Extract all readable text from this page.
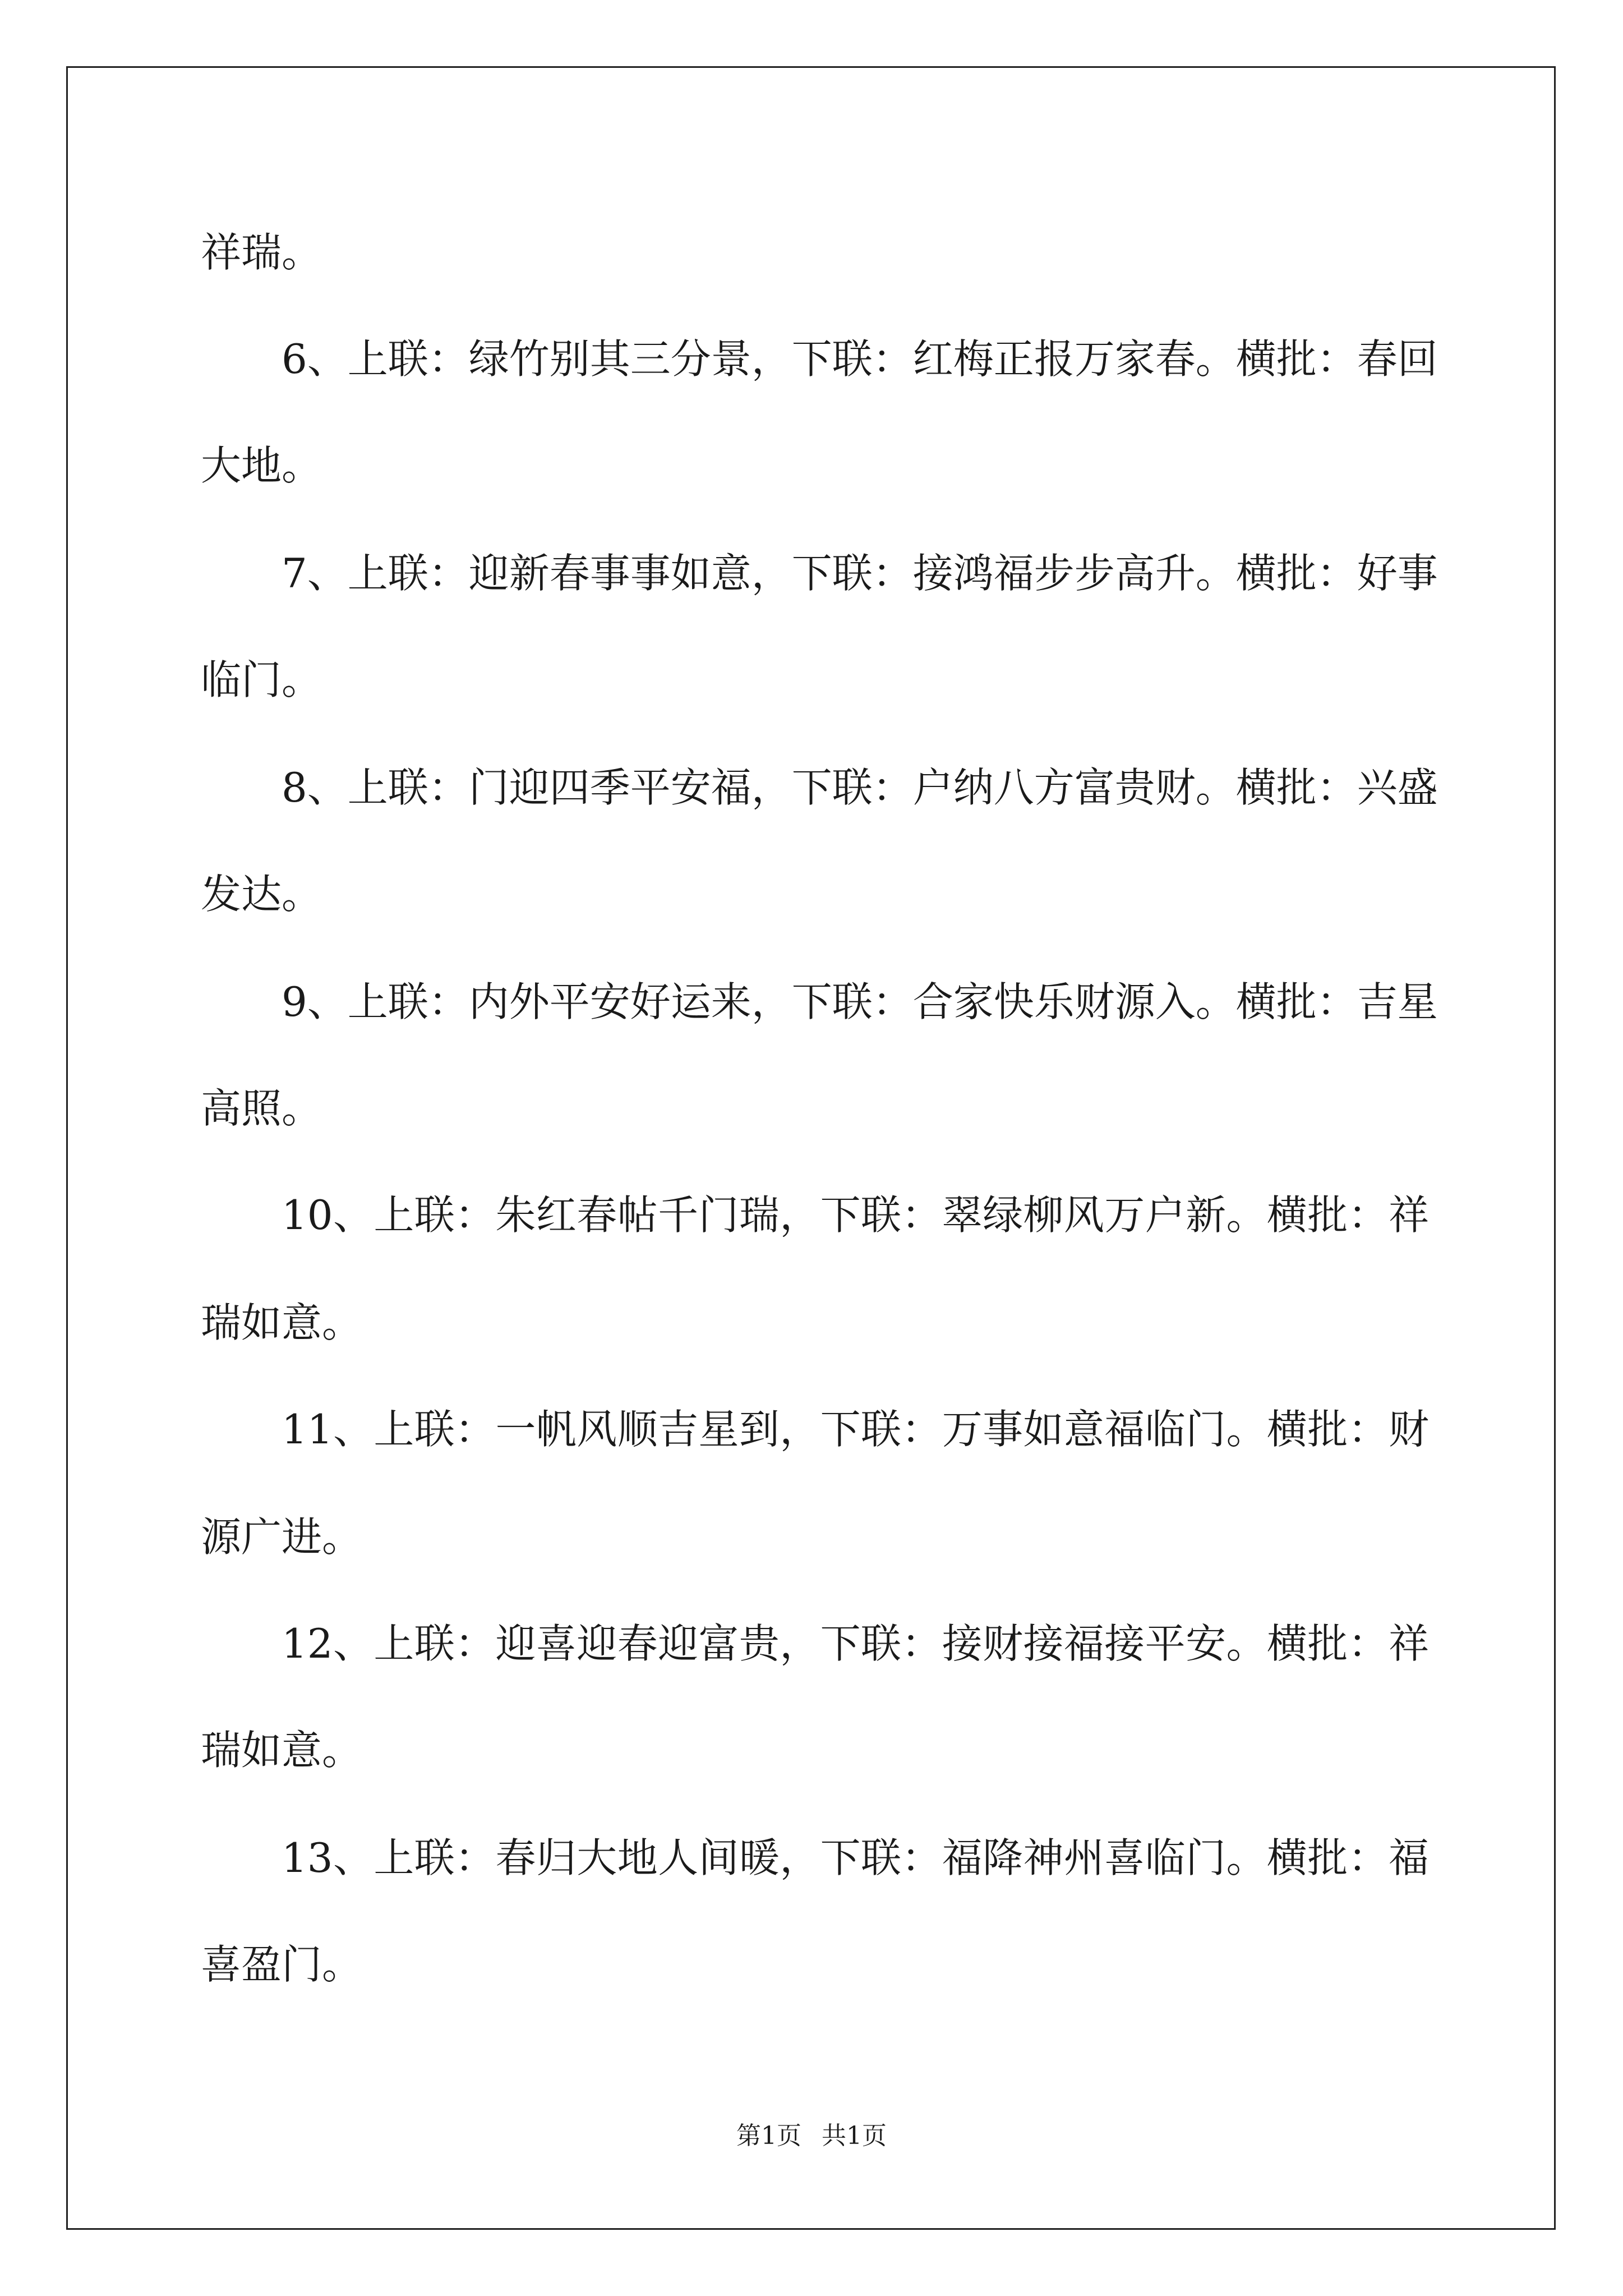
祥瑞。
6、上联：绿竹别其三分景，下联：红梅正报万家春。横批：春回
大地。
7、上联：迎新春事事如意，下联：接鸿福步步高升。横批：好事
临门。
8、上联：门迎四季平安福，下联：户纳八方富贵财。横批：兴盛
发达。
9、上联：内外平安好运来，下联：合家快乐财源入。横批：吉星
高照。
10、上联：朱红春帖千门瑞，下联：翠绿柳风万户新。横批：祥
瑞如意。
11、上联：一帆风顺吉星到，下联：万事如意福临门。横批：财
源广进。
12、上联：迎喜迎春迎富贵，下联：接财接福接平安。横批：祥
瑞如意。
13、上联：春归大地人间暖，下联：福降神州喜临门。横批：福
喜盈门。
第1页 共1页
